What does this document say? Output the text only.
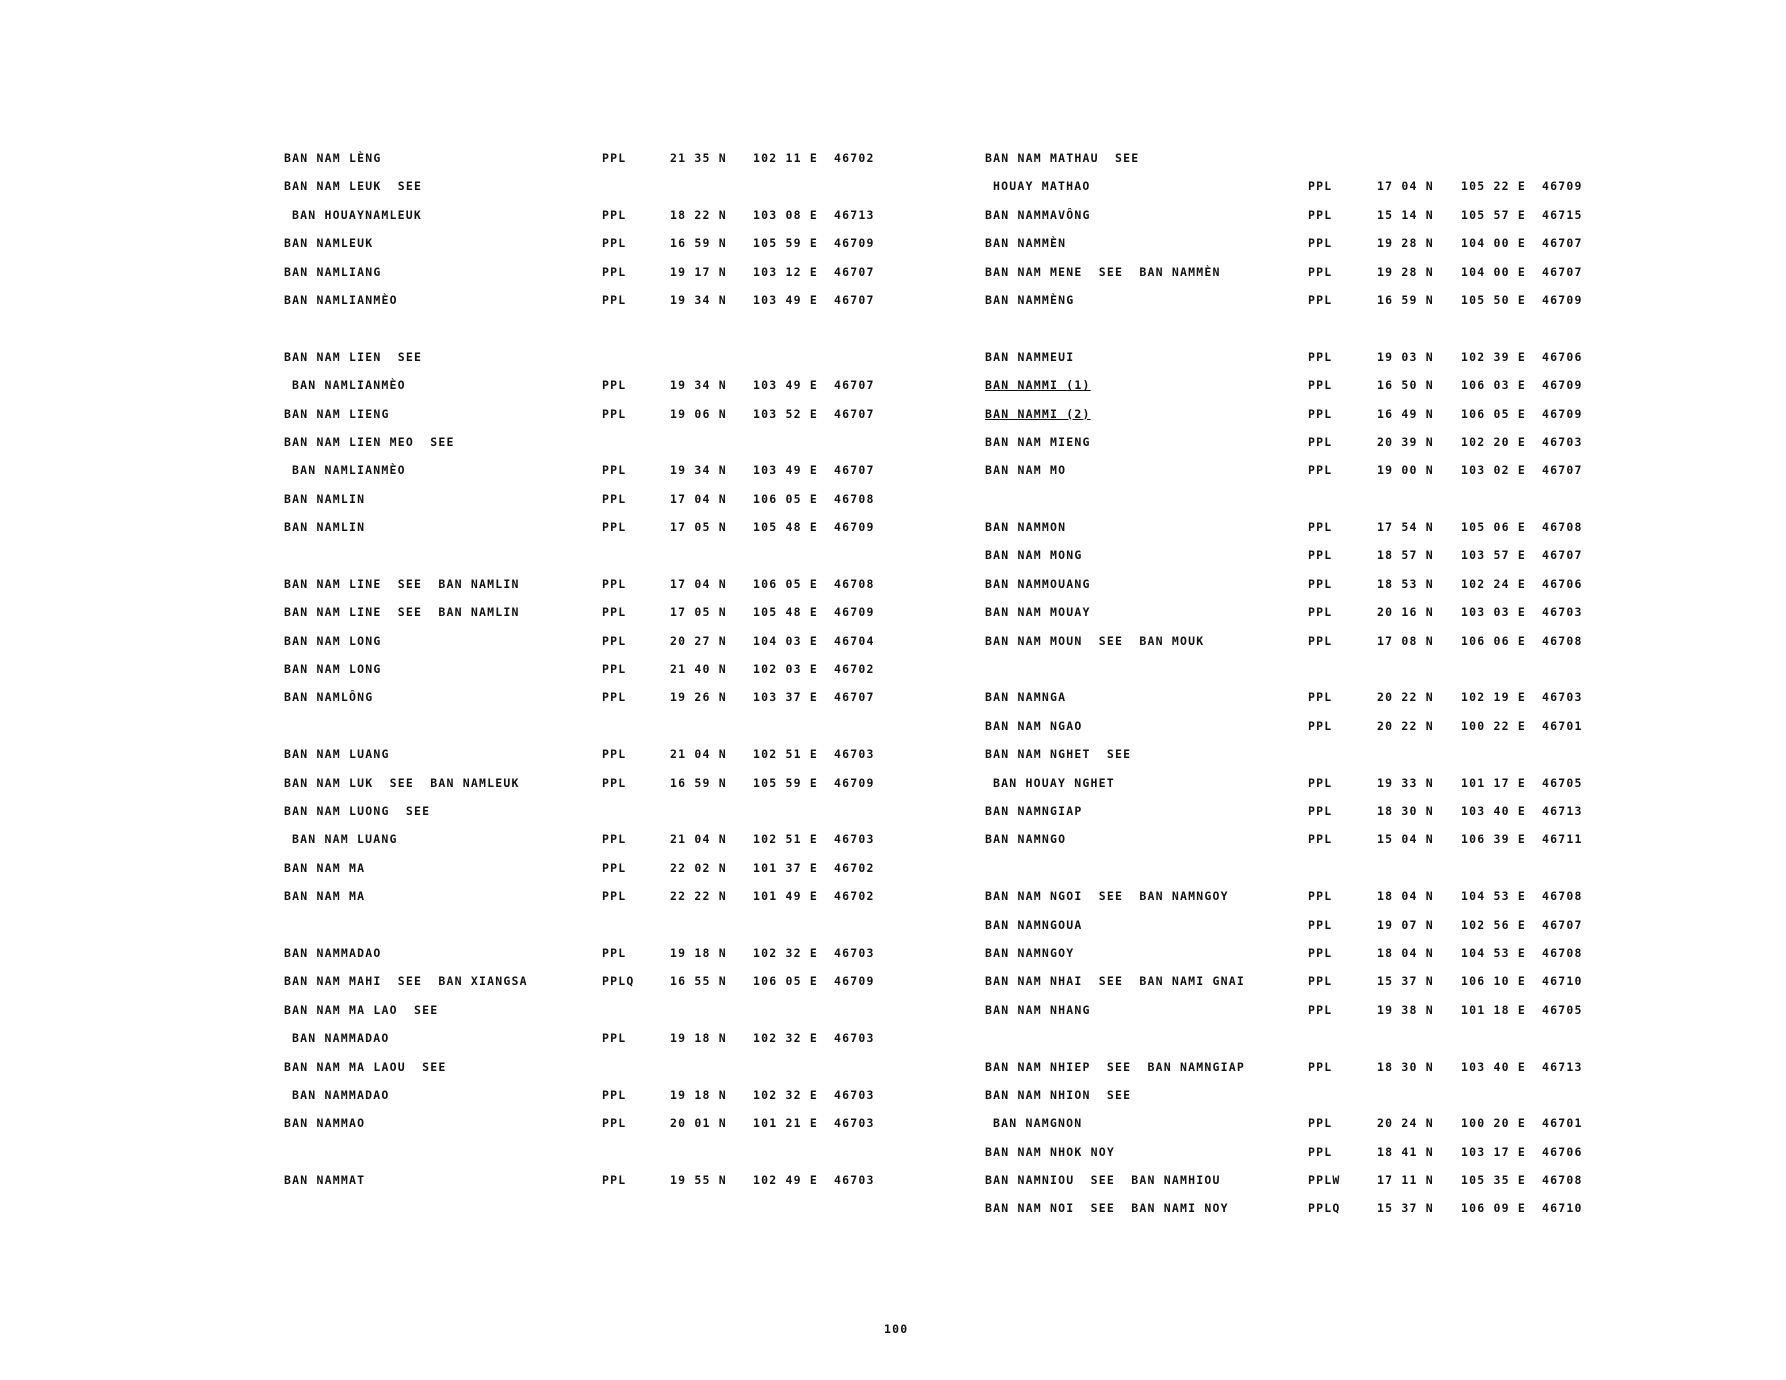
BAN NAM LÈNG	PPL	21 35 N 102 11 E 46702
BAN NAM LEUK  SEE
BAN HOUAYNAMLEUK	PPL	18 22 N 103 08 E 46713
BAN NAMLEUK	PPL	16 59 N 105 59 E 46709
BAN NAMLIANG	PPL	19 17 N 103 12 E 46707
BAN NAMLIANMÈO	PPL	19 34 N 103 49 E 46707
BAN NAM LIEN  SEE
BAN NAMLIANMÈO	PPL	19 34 N 103 49 E 46707
BAN NAM LIENG	PPL	19 06 N 103 52 E 46707
BAN NAM LIEN MEO  SEE
BAN NAMLIANMÈO	PPL	19 34 N 103 49 E 46707
BAN NAMLIN	PPL	17 04 N 106 05 E 46708
BAN NAMLIN	PPL	17 05 N 105 48 E 46709
BAN NAM LINE  SEE  BAN NAMLIN	PPL	17 04 N 106 05 E 46708
BAN NAM LINE  SEE  BAN NAMLIN	PPL	17 05 N 105 48 E 46709
BAN NAM LONG	PPL	20 27 N 104 03 E 46704
BAN NAM LONG	PPL	21 40 N 102 03 E 46702
BAN NAMLÔNG	PPL	19 26 N 103 37 E 46707
BAN NAM LUANG	PPL	21 04 N 102 51 E 46703
BAN NAM LUK  SEE  BAN NAMLEUK	PPL	16 59 N 105 59 E 46709
BAN NAM LUONG  SEE
BAN NAM LUANG	PPL	21 04 N 102 51 E 46703
BAN NAM MA	PPL	22 02 N 101 37 E 46702
BAN NAM MA	PPL	22 22 N 101 49 E 46702
BAN NAMMADAO	PPL	19 18 N 102 32 E 46703
BAN NAM MAHI  SEE  BAN XIANGSA	PPLQ	16 55 N 106 05 E 46709
BAN NAM MA LAO  SEE
BAN NAMMADAO	PPL	19 18 N 102 32 E 46703
BAN NAM MA LAOU  SEE
BAN NAMMADAO	PPL	19 18 N 102 32 E 46703
BAN NAMMAO	PPL	20 01 N 101 21 E 46703
BAN NAMMAT	PPL	19 55 N 102 49 E 46703
BAN NAM MATHAU  SEE
HOUAY MATHAO	PPL	17 04 N 105 22 E 46709
BAN NAMMAVÔNG	PPL	15 14 N 105 57 E 46715
BAN NAMMÈN	PPL	19 28 N 104 00 E 46707
BAN NAM MENE  SEE  BAN NAMMÈN	PPL	19 28 N 104 00 E 46707
BAN NAMMÈNG	PPL	16 59 N 105 50 E 46709
BAN NAMMEUI	PPL	19 03 N 102 39 E 46706
BAN NAMMI (1)	PPL	16 50 N 106 03 E 46709
BAN NAMMI (2)	PPL	16 49 N 106 05 E 46709
BAN NAM MIENG	PPL	20 39 N 102 20 E 46703
BAN NAM MO	PPL	19 00 N 103 02 E 46707
BAN NAMMON	PPL	17 54 N 105 06 E 46708
BAN NAM MONG	PPL	18 57 N 103 57 E 46707
BAN NAMMOUANG	PPL	18 53 N 102 24 E 46706
BAN NAM MOUAY	PPL	20 16 N 103 03 E 46703
BAN NAM MOUN  SEE  BAN MOUK	PPL	17 08 N 106 06 E 46708
BAN NAMNGA	PPL	20 22 N 102 19 E 46703
BAN NAM NGAO	PPL	20 22 N 100 22 E 46701
BAN NAM NGHET  SEE
BAN HOUAY NGHET	PPL	19 33 N 101 17 E 46705
BAN NAMNGIAP	PPL	18 30 N 103 40 E 46713
BAN NAMNGO	PPL	15 04 N 106 39 E 46711
BAN NAM NGOI  SEE  BAN NAMNGOY	PPL	18 04 N 104 53 E 46708
BAN NAMNGOUA	PPL	19 07 N 102 56 E 46707
BAN NAMNGOY	PPL	18 04 N 104 53 E 46708
BAN NAM NHAI  SEE  BAN NAMI GNAI	PPL	15 37 N 106 10 E 46710
BAN NAM NHANG	PPL	19 38 N 101 18 E 46705
BAN NAM NHIEP  SEE  BAN NAMNGIAP	PPL	18 30 N 103 40 E 46713
BAN NAM NHION  SEE
BAN NAMGNON	PPL	20 24 N 100 20 E 46701
BAN NAM NHOK NOY	PPL	18 41 N 103 17 E 46706
BAN NAMNIOU  SEE  BAN NAMHIOU	PPLW	17 11 N 105 35 E 46708
BAN NAM NOI  SEE  BAN NAMI NOY	PPLQ	15 37 N 106 09 E 46710
100
